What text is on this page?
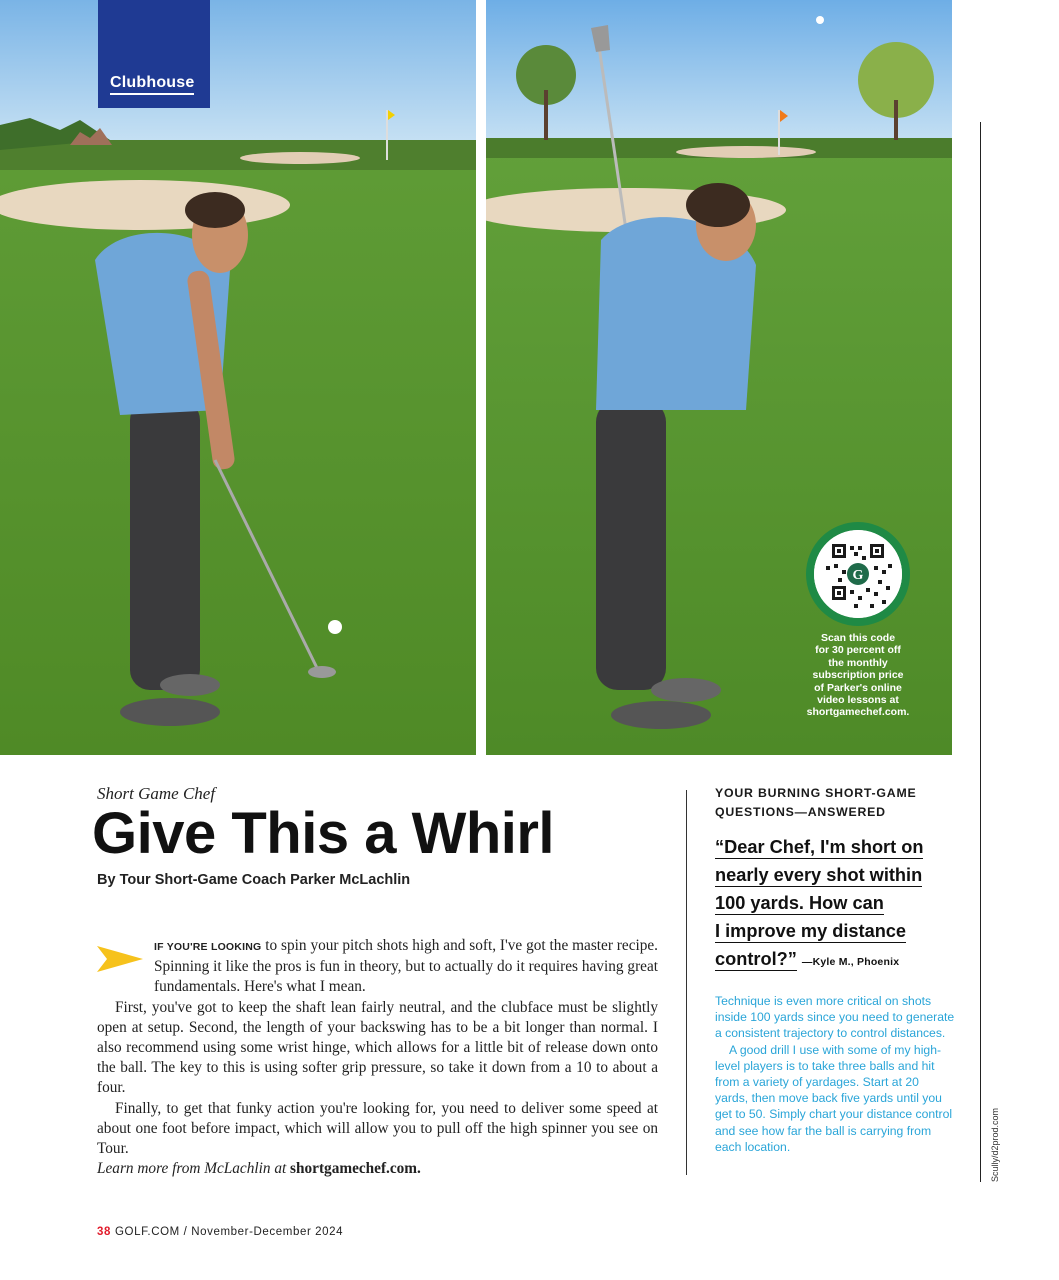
Clubhouse
G
Scan this code
for 30 percent off
the monthly
subscription price
of Parker's online
video lessons at
shortgamechef.com.
Scully/d2prod.com
Short Game Chef
Give This a Whirl
By Tour Short-Game Coach Parker McLachlin

IF YOU'RE LOOKING to spin your pitch shots high and soft, I've got the master recipe. Spinning it like the pros is fun in theory, but to actually do it requires having great fundamentals. Here's what I mean.

First, you've got to keep the shaft lean fairly neutral, and the clubface must be slightly open at setup. Second, the length of your backswing has to be a bit longer than normal. I also recommend using some wrist hinge, which allows for a little bit of release down onto the ball. The key to this is using softer grip pressure, so take it down from a 10 to about a four.

Finally, to get that funky action you're looking for, you need to deliver some speed at about one foot before impact, which will allow you to pull off the high spinner you see on Tour.

Learn more from McLachlin at shortgamechef.com.

YOUR BURNING SHORT-GAME QUESTIONS—ANSWERED
“Dear Chef, I'm short on
nearly every shot within
100 yards. How can
I improve my distance
control?” —Kyle M., Phoenix

Technique is even more critical on shots inside 100 yards since you need to generate a consistent trajectory to control distances.

A good drill I use with some of my high-level players is to take three balls and hit from a variety of yardages. Start at 20 yards, then move back five yards until you get to 50. Simply chart your distance control and see how far the ball is carrying from each location.

38 GOLF.COM / November-December 2024
